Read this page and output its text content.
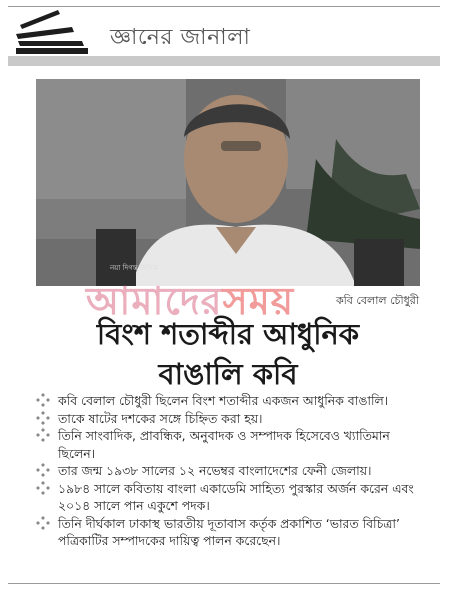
জ্ঞানের জানালা
নয়া দিগন্ত দৈনিক
আমাদেরসময়	কবি বেলাল চৌধুরী
বিংশ শতাব্দীর আধুনিক
বাঙালি কবি
কবি বেলাল চৌধুরী ছিলেন বিংশ শতাব্দীর একজন আধুনিক বাঙালি।
তাকে ষাটের দশকের সঙ্গে চিহ্নিত করা হয়।
তিনি সাংবাদিক, প্রাবন্ধিক, অনুবাদক ও সম্পাদক হিসেবেও খ্যাতিমান ছিলেন।
তার জন্ম ১৯৩৮ সালের ১২ নভেম্বর বাংলাদেশের ফেনী জেলায়।
১৯৮৪ সালে কবিতায় বাংলা একাডেমি সাহিত্য পুরস্কার অর্জন করেন এবং ২০১৪ সালে পান একুশে পদক।
তিনি দীর্ঘকাল ঢাকাস্থ ভারতীয় দূতাবাস কর্তৃক প্রকাশিত ‘ভারত বিচিত্রা’ পত্রিকাটির সম্পাদকের দায়িত্ব পালন করেছেন।
